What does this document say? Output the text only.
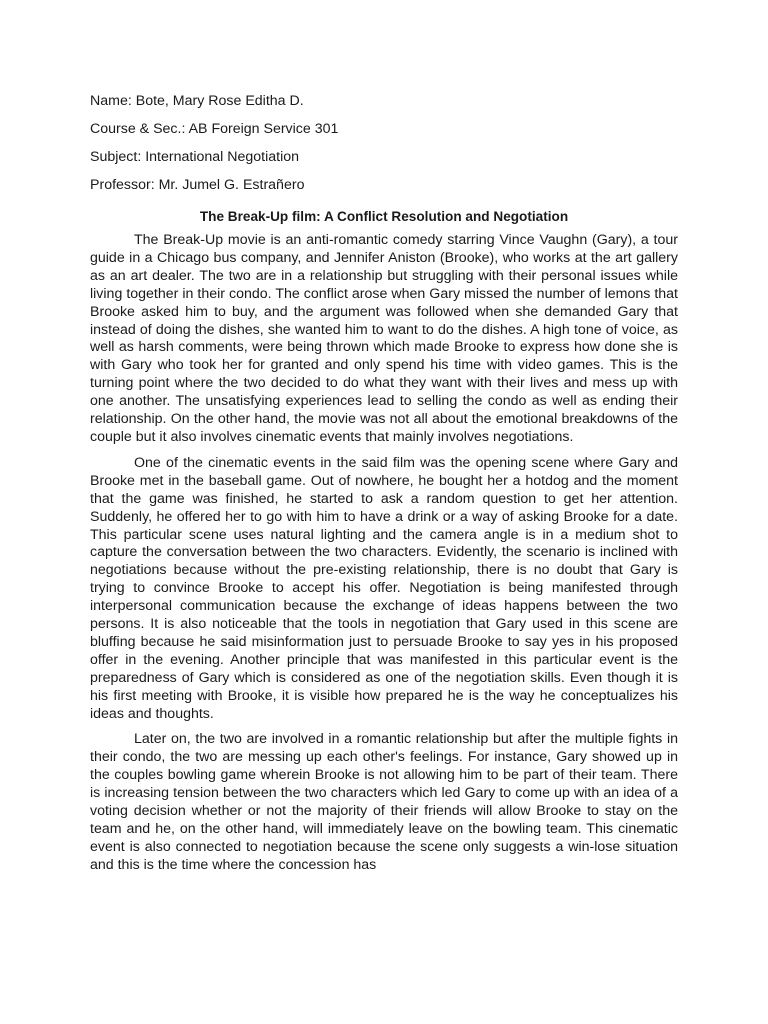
Name: Bote, Mary Rose Editha D.
Course & Sec.: AB Foreign Service 301
Subject: International Negotiation
Professor: Mr. Jumel G. Estrañero
The Break-Up film: A Conflict Resolution and Negotiation

The Break-Up movie is an anti-romantic comedy starring Vince Vaughn (Gary), a tour guide in a Chicago bus company, and Jennifer Aniston (Brooke), who works at the art gallery as an art dealer. The two are in a relationship but struggling with their personal issues while living together in their condo. The conflict arose when Gary missed the number of lemons that Brooke asked him to buy, and the argument was followed when she demanded Gary that instead of doing the dishes, she wanted him to want to do the dishes. A high tone of voice, as well as harsh comments, were being thrown which made Brooke to express how done she is with Gary who took her for granted and only spend his time with video games. This is the turning point where the two decided to do what they want with their lives and mess up with one another. The unsatisfying experiences lead to selling the condo as well as ending their relationship. On the other hand, the movie was not all about the emotional breakdowns of the couple but it also involves cinematic events that mainly involves negotiations.

One of the cinematic events in the said film was the opening scene where Gary and Brooke met in the baseball game. Out of nowhere, he bought her a hotdog and the moment that the game was finished, he started to ask a random question to get her attention. Suddenly, he offered her to go with him to have a drink or a way of asking Brooke for a date. This particular scene uses natural lighting and the camera angle is in a medium shot to capture the conversation between the two characters. Evidently, the scenario is inclined with negotiations because without the pre-existing relationship, there is no doubt that Gary is trying to convince Brooke to accept his offer. Negotiation is being manifested through interpersonal communication because the exchange of ideas happens between the two persons. It is also noticeable that the tools in negotiation that Gary used in this scene are bluffing because he said misinformation just to persuade Brooke to say yes in his proposed offer in the evening. Another principle that was manifested in this particular event is the preparedness of Gary which is considered as one of the negotiation skills. Even though it is his first meeting with Brooke, it is visible how prepared he is the way he conceptualizes his ideas and thoughts.

Later on, the two are involved in a romantic relationship but after the multiple fights in their condo, the two are messing up each other's feelings. For instance, Gary showed up in the couples bowling game wherein Brooke is not allowing him to be part of their team. There is increasing tension between the two characters which led Gary to come up with an idea of a voting decision whether or not the majority of their friends will allow Brooke to stay on the team and he, on the other hand, will immediately leave on the bowling team. This cinematic event is also connected to negotiation because the scene only suggests a win-lose situation and this is the time where the concession has
